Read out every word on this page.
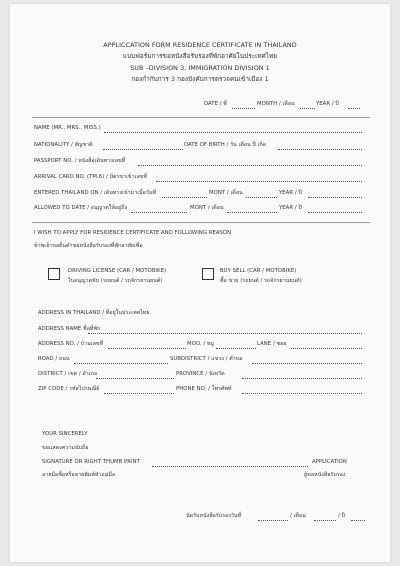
APPLICCATION FORM RESIDENCE CERTIFICATE IN THAILAND
แบบฟอร์มการขอหนังสือรับรองที่พักอาศัยในประเทศไทย
SUB –DIVISION 3, IMMIGRATION DIVISION 1
กองกำกับการ 3 กองบังคับการตรวจคนเข้าเมือง 1
DATE / ที่	MONTH / เดือน	YEAR / ปี
NAME (MR., MRS., MISS.)
NATIONALITY / สัญชาติ	DATE OF BIRTH / วัน เดือน ปี เกิด
PASSPORT NO. / หนังสือเดินทางเลขที่
ARRIVAL CARD NO. (TM.6) / บัตรขาเข้าเลขที่
ENTERED THAILAND ON / เดินทางเข้ามาเมื่อวันที่	MONT / เดือน	YEAR / ปี
ALLOWED TO DATE / อนุญาตให้อยู่ถึง	MONT / เดือน	YEAR / ปี
I WISH TO APPLY FOR RESIDENCE CERTIFICATE AND FOLLOWING REASON
ข้าพเจ้าขอยื่นคำขอหนังสือรับรองที่พักอาศัยเพื่อ
DRIVING LICENSE (CAR / MOTOBIKE)
ใบอนุญาตขับ (รถยนต์ / รถจักรยานยนต์)
BUY SELL (CAR / MOTOBIKE)
ซื้อ ขาย (รถยนต์ / รถจักรยานยนต์)
ADDRESS IN THAILAND / ที่อยู่ในประเทศไทย
ADDRESS NAME ชื่อที่พัก
ADDRESS NO. / บ้านเลขที่	MOO. / หมู่	LANE / ซอย
ROAD / ถนน	SUBDISTRICT / แขวง / ตำบล
DISTRICT / เขต / อำเภอ	PROVINCE / จังหวัด
ZIP CODE / รหัสไปรษณีย์	PHONE NO. / โทรศัพท์
YOUR SINCERELY
ขอแสดงความนับถือ
SIGNATURE OR RIGHT THUMB PRINT	APPLICATION
ลายมือชื่อหรือลายพิมพ์หัวแม่มือ	ผู้ขอหนังสือรับรอง
นัดรับหนังสือรับรองวันที่	/ เดือน	/ ปี
